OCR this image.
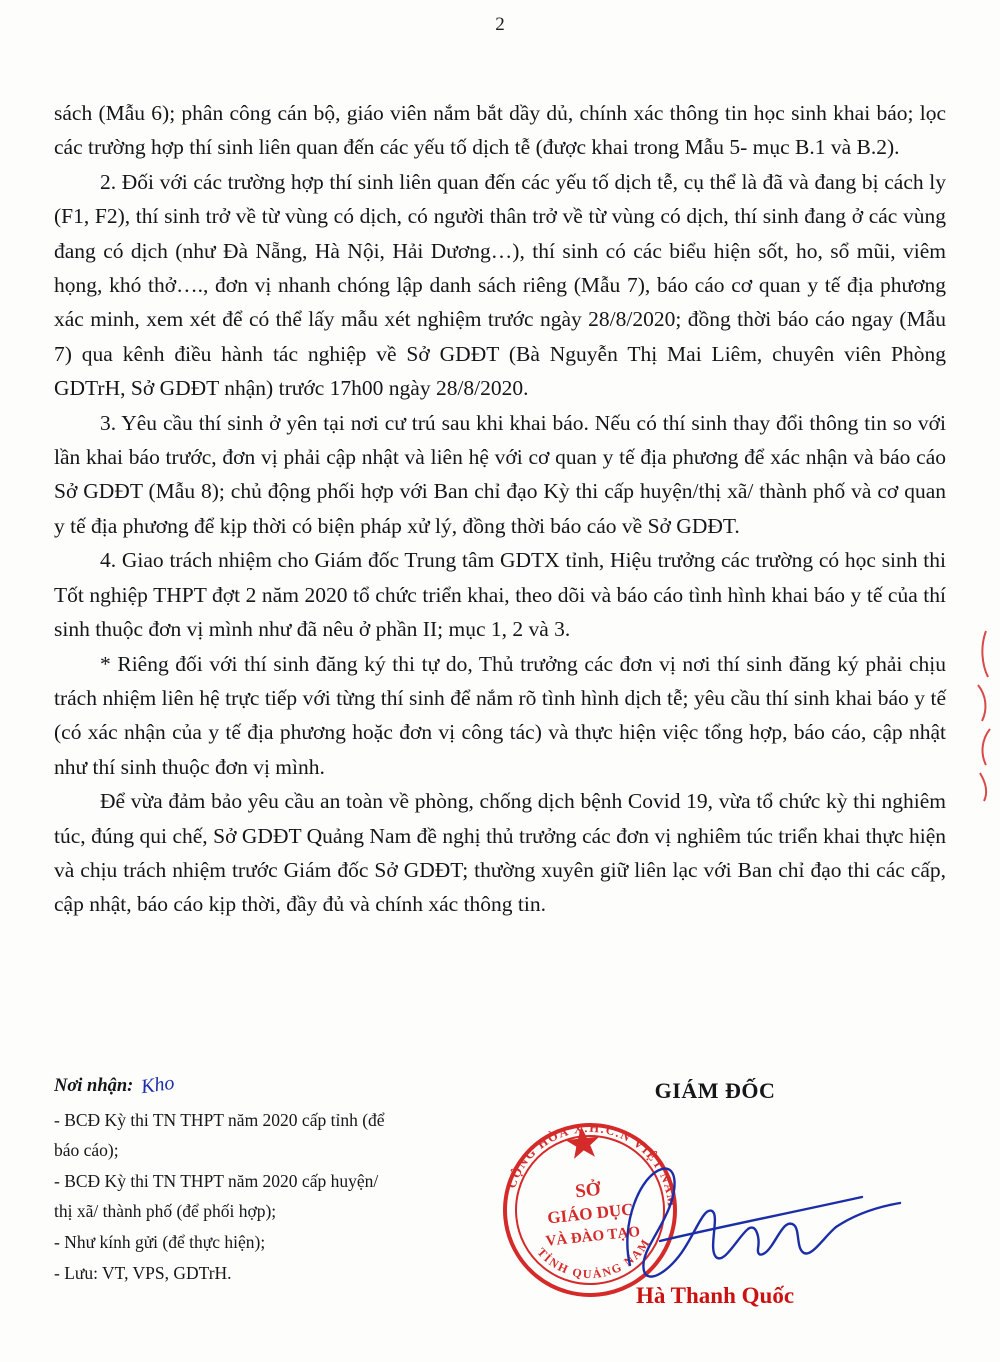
2

sách (Mẫu 6); phân công cán bộ, giáo viên nắm bắt dầy dủ, chính xác thông tin học sinh khai báo; lọc các trường hợp thí sinh liên quan đến các yếu tố dịch tễ (được khai trong Mẫu 5- mục B.1 và B.2).

2. Đối với các trường hợp thí sinh liên quan đến các yếu tố dịch tễ, cụ thể là đã và đang bị cách ly (F1, F2), thí sinh trở về từ vùng có dịch, có người thân trở về từ vùng có dịch, thí sinh đang ở các vùng đang có dịch (như Đà Nẵng, Hà Nội, Hải Dương…), thí sinh có các biểu hiện sốt, ho, sổ mũi, viêm họng, khó thở…., đơn vị nhanh chóng lập danh sách riêng (Mẫu 7), báo cáo cơ quan y tế địa phương xác minh, xem xét để có thể lấy mẫu xét nghiệm trước ngày 28/8/2020; đồng thời báo cáo ngay (Mẫu 7) qua kênh điều hành tác nghiệp về Sở GDĐT (Bà Nguyễn Thị Mai Liêm, chuyên viên Phòng GDTrH, Sở GDĐT nhận) trước 17h00 ngày 28/8/2020.

3. Yêu cầu thí sinh ở yên tại nơi cư trú sau khi khai báo. Nếu có thí sinh thay đổi thông tin so với lần khai báo trước, đơn vị phải cập nhật và liên hệ với cơ quan y tế địa phương để xác nhận và báo cáo Sở GDĐT (Mẫu 8); chủ động phối hợp với Ban chỉ đạo Kỳ thi cấp huyện/thị xã/ thành phố và cơ quan y tế địa phương để kịp thời có biện pháp xử lý, đồng thời báo cáo về Sở GDĐT.

4. Giao trách nhiệm cho Giám đốc Trung tâm GDTX tỉnh, Hiệu trưởng các trường có học sinh thi Tốt nghiệp THPT đợt 2 năm 2020 tổ chức triển khai, theo dõi và báo cáo tình hình khai báo y tế của thí sinh thuộc đơn vị mình như đã nêu ở phần II; mục 1, 2 và 3.

* Riêng đối với thí sinh đăng ký thi tự do, Thủ trưởng các đơn vị nơi thí sinh đăng ký phải chịu trách nhiệm liên hệ trực tiếp với từng thí sinh để nắm rõ tình hình dịch tễ; yêu cầu thí sinh khai báo y tế (có xác nhận của y tế địa phương hoặc đơn vị công tác) và thực hiện việc tổng hợp, báo cáo, cập nhật như thí sinh thuộc đơn vị mình.

Để vừa đảm bảo yêu cầu an toàn về phòng, chống dịch bệnh Covid 19, vừa tổ chức kỳ thi nghiêm túc, đúng qui chế, Sở GDĐT Quảng Nam đề nghị thủ trưởng các đơn vị nghiêm túc triển khai thực hiện và chịu trách nhiệm trước Giám đốc Sở GDĐT; thường xuyên giữ liên lạc với Ban chỉ đạo thi các cấp, cập nhật, báo cáo kịp thời, đầy đủ và chính xác thông tin.

Nơi nhận: Kho
- BCĐ Kỳ thi TN THPT năm 2020 cấp tỉnh (để báo cáo);
- BCĐ Kỳ thi TN THPT năm 2020 cấp huyện/ thị xã/ thành phố (để phối hợp);
- Như kính gửi (để thực hiện);
- Lưu: VT, VPS, GDTrH.
GIÁM ĐỐC
Hà Thanh Quốc
CỘNG HÒA X.H.C.N VIỆT NAM
TỈNH QUẢNG NAM
SỞ
GIÁO DỤC
VÀ ĐÀO TẠO
